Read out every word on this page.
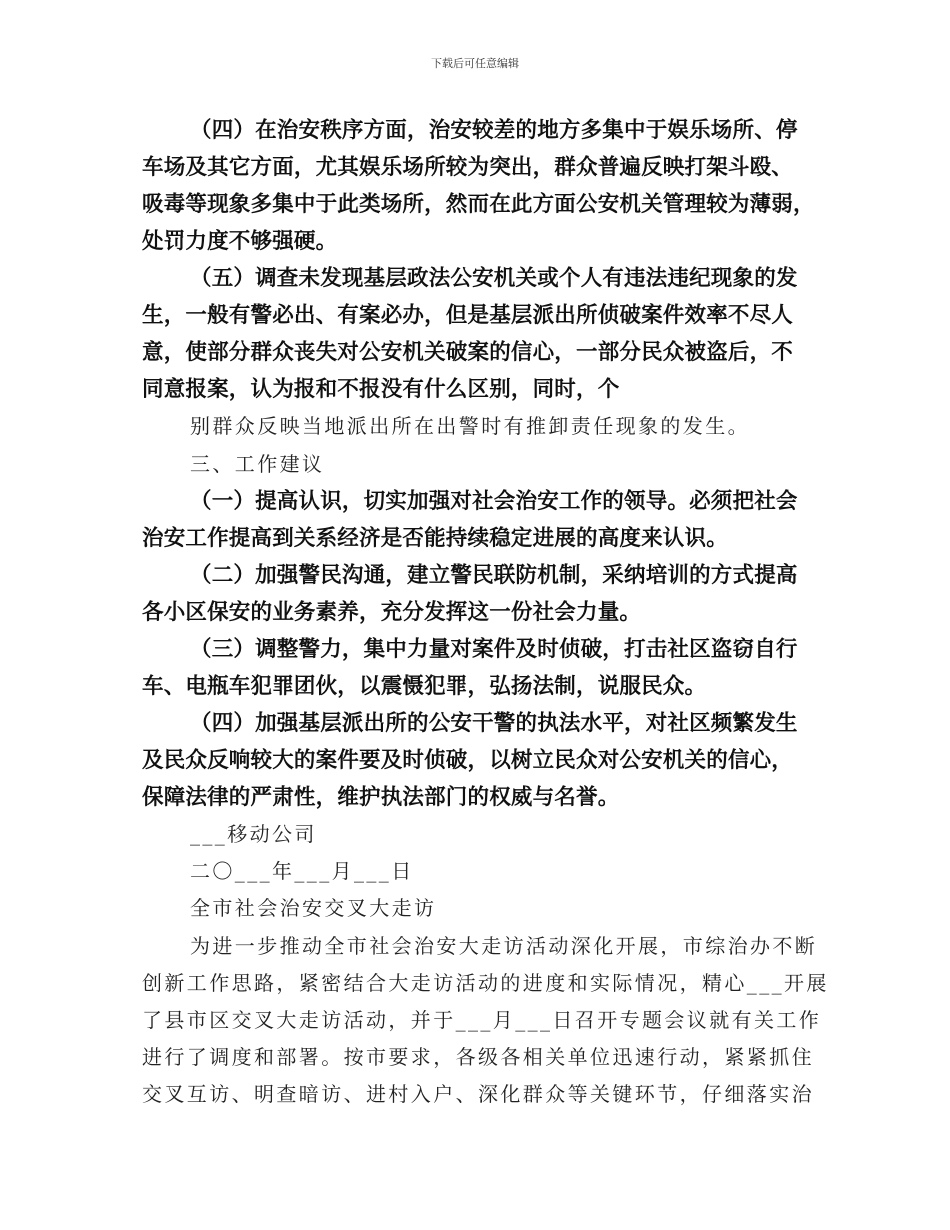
下载后可任意编辑
（四）在治安秩序方面，治安较差的地方多集中于娱乐场所、停
车场及其它方面，尤其娱乐场所较为突出，群众普遍反映打架斗殴、
吸毒等现象多集中于此类场所，然而在此方面公安机关管理较为薄弱，
处罚力度不够强硬。
（五）调查未发现基层政法公安机关或个人有违法违纪现象的发
生，一般有警必出、有案必办，但是基层派出所侦破案件效率不尽人
意，使部分群众丧失对公安机关破案的信心，一部分民众被盗后，不
同意报案，认为报和不报没有什么区别，同时，个
别群众反映当地派出所在出警时有推卸责任现象的发生。
三、工作建议
（一）提高认识，切实加强对社会治安工作的领导。必须把社会
治安工作提高到关系经济是否能持续稳定进展的高度来认识。
（二）加强警民沟通，建立警民联防机制，采纳培训的方式提高
各小区保安的业务素养，充分发挥这一份社会力量。
（三）调整警力，集中力量对案件及时侦破，打击社区盗窃自行
车、电瓶车犯罪团伙，以震慑犯罪，弘扬法制，说服民众。
（四）加强基层派出所的公安干警的执法水平，对社区频繁发生
及民众反响较大的案件要及时侦破，以树立民众对公安机关的信心，
保障法律的严肃性，维护执法部门的权威与名誉。
___移动公司
二〇___年___月___日
全市社会治安交叉大走访
为进一步推动全市社会治安大走访活动深化开展，市综治办不断
创新工作思路，紧密结合大走访活动的进度和实际情况，精心___开展
了县市区交叉大走访活动，并于___月___日召开专题会议就有关工作
进行了调度和部署。按市要求，各级各相关单位迅速行动，紧紧抓住
交叉互访、明查暗访、进村入户、深化群众等关键环节，仔细落实治
